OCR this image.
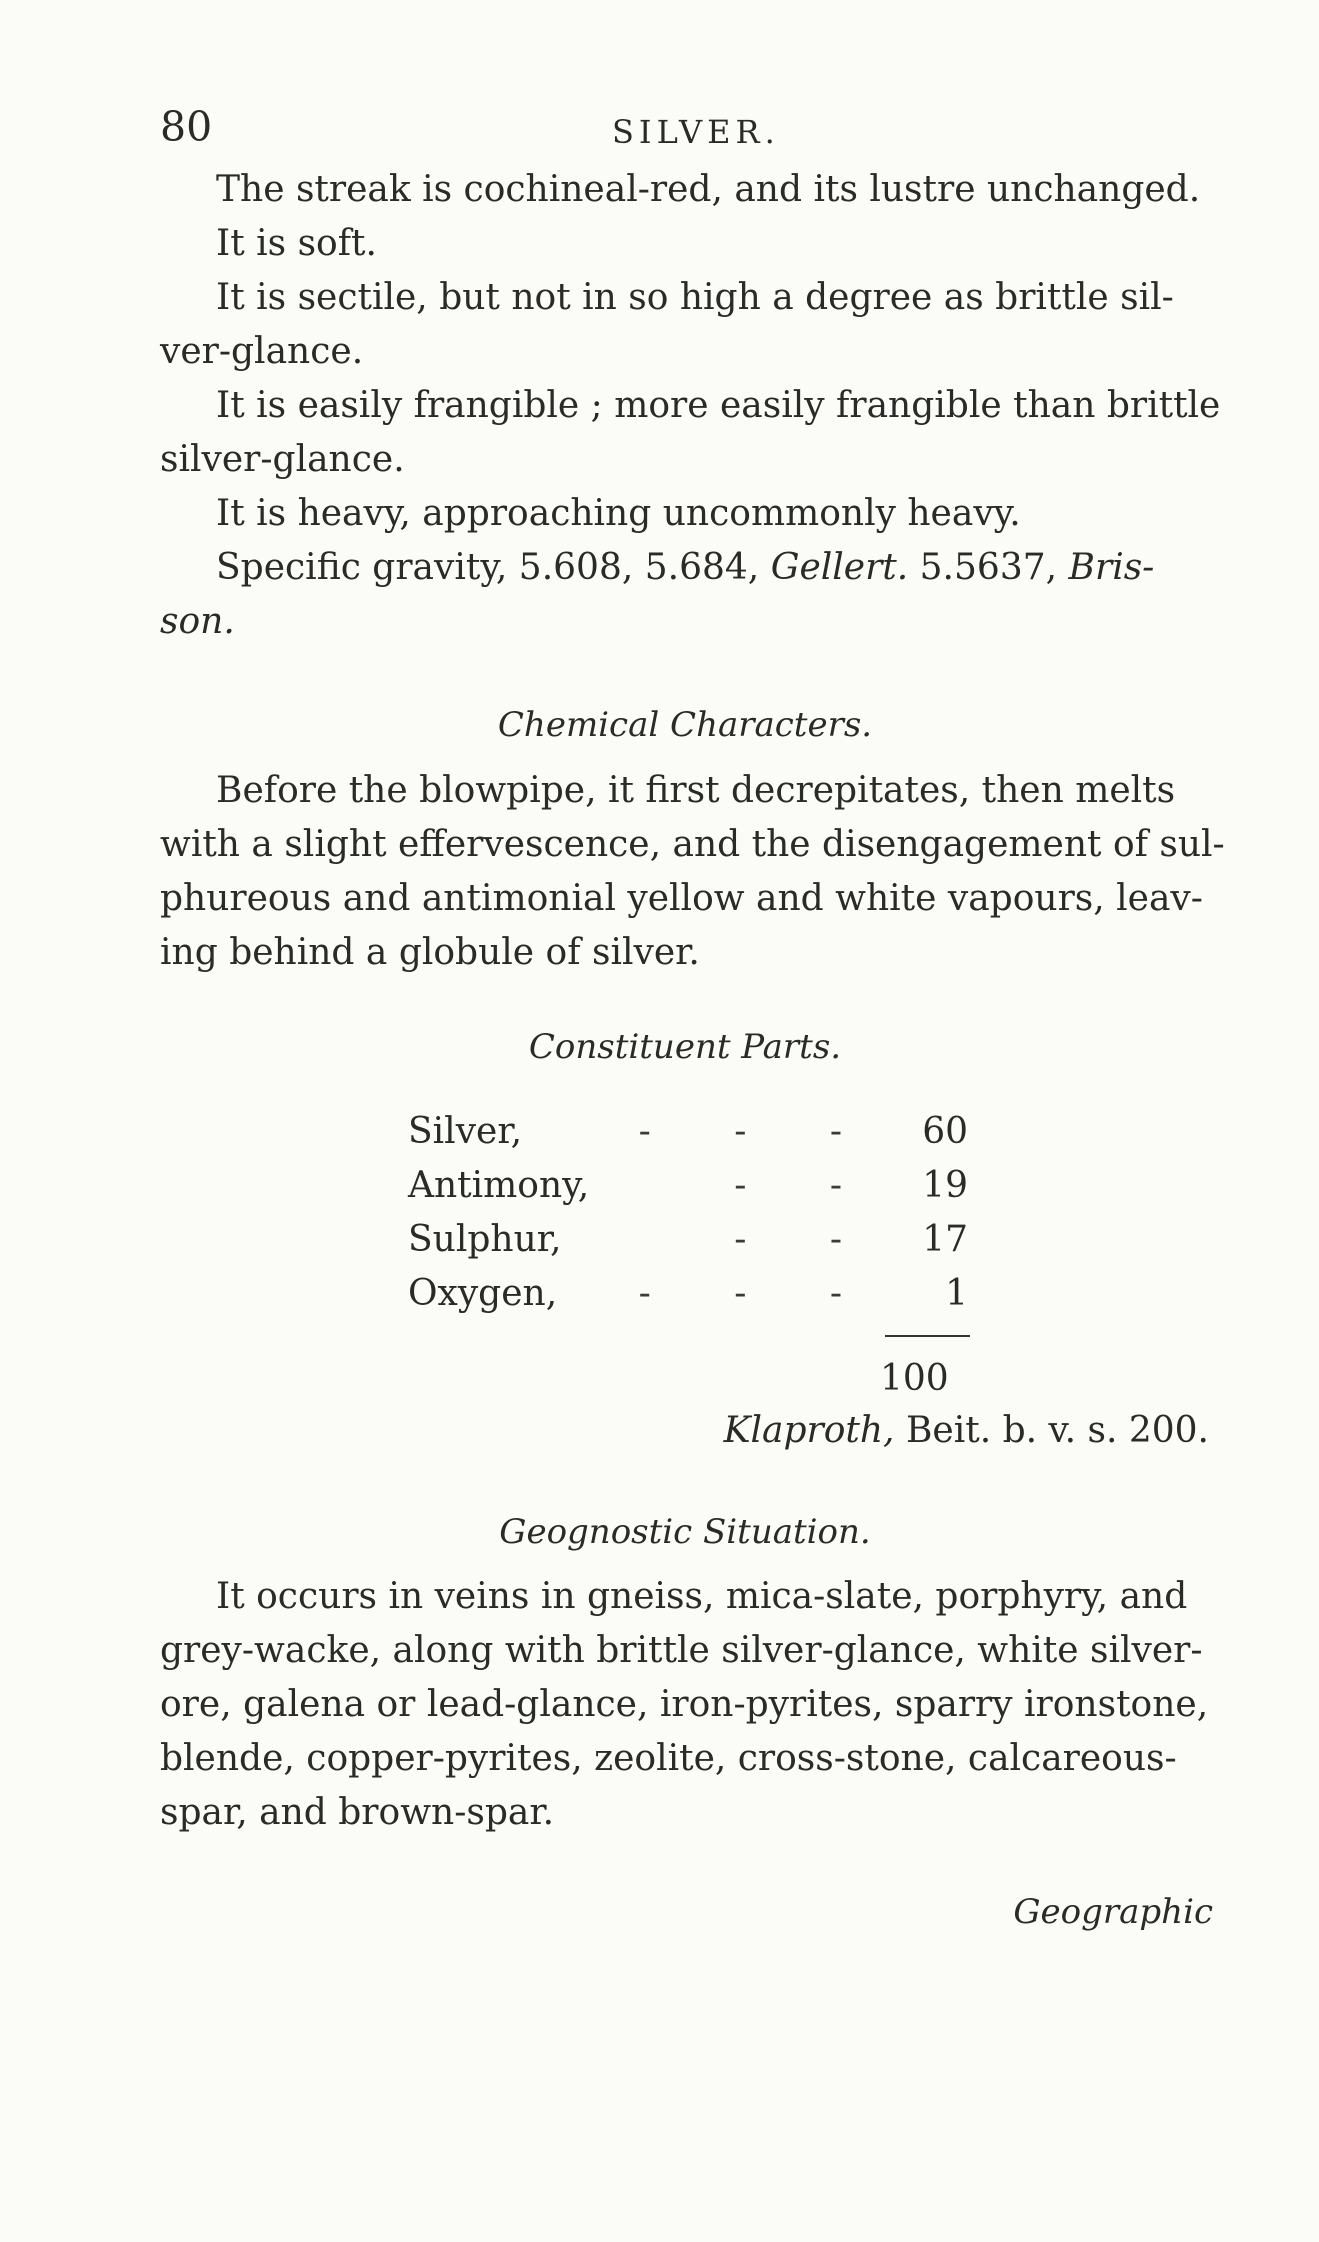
80	SILVER.
The streak is cochineal-red, and its lustre unchanged.
It is soft.
It is sectile, but not in so high a degree as brittle sil-
ver-glance.
It is easily frangible ; more easily frangible than brittle
silver-glance.
It is heavy, approaching uncommonly heavy.
Specific gravity, 5.608, 5.684, Gellert. 5.5637, Bris-
son.
Chemical Characters.
Before the blowpipe, it first decrepitates, then melts
with a slight effervescence, and the disengagement of sul-
phureous and antimonial yellow and white vapours, leav-
ing behind a globule of silver.
Constituent Parts.
Silver,	- - - 60
Antimony,	- - 19
Sulphur,	- - 17
Oxygen, - - - 1
100
Klaproth, Beit. b. v. s. 200.
Geognostic Situation.
It occurs in veins in gneiss, mica-slate, porphyry, and
grey-wacke, along with brittle silver-glance, white silver-
ore, galena or lead-glance, iron-pyrites, sparry ironstone,
blende, copper-pyrites, zeolite, cross-stone, calcareous-
spar, and brown-spar.
Geographic
